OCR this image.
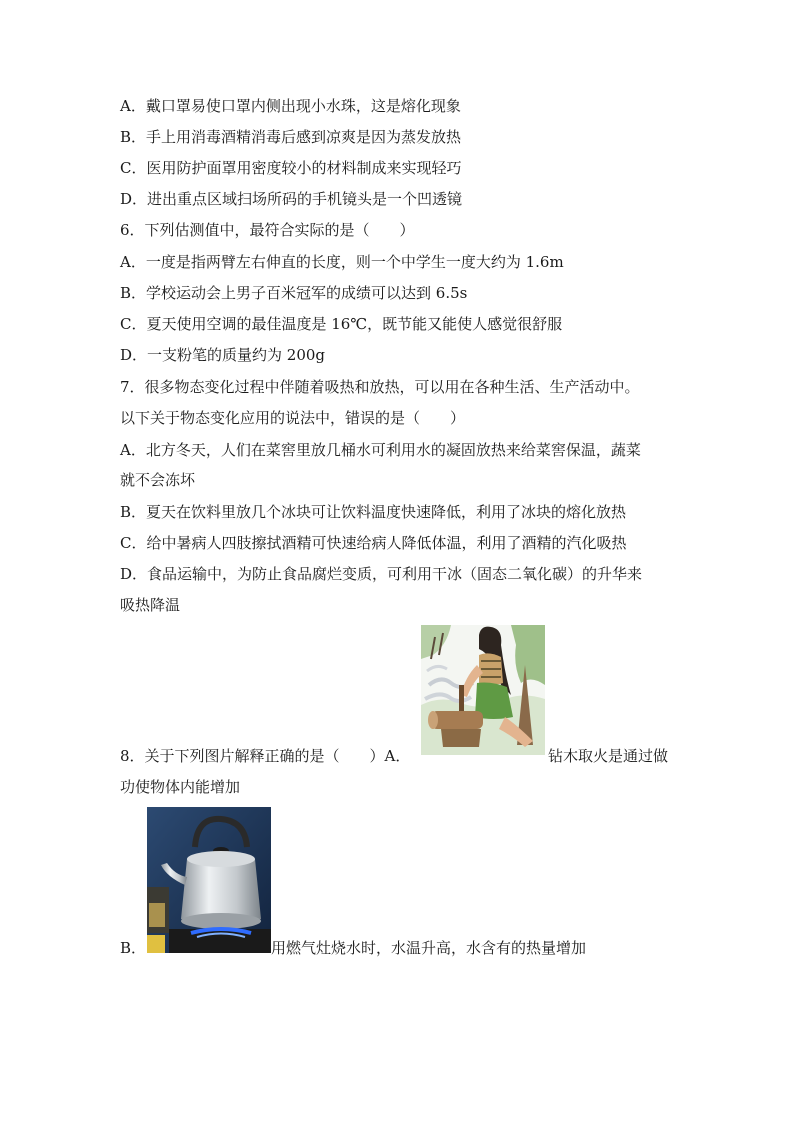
A．戴口罩易使口罩内侧出现小水珠，这是熔化现象
B．手上用消毒酒精消毒后感到凉爽是因为蒸发放热
C．医用防护面罩用密度较小的材料制成来实现轻巧
D．进出重点区域扫场所码的手机镜头是一个凹透镜
6．下列估测值中，最符合实际的是（　　）
A．一度是指两臂左右伸直的长度，则一个中学生一度大约为 1.6m
B．学校运动会上男子百米冠军的成绩可以达到 6.5s
C．夏天使用空调的最佳温度是 16℃，既节能又能使人感觉很舒服
D．一支粉笔的质量约为 200g
7．很多物态变化过程中伴随着吸热和放热，可以用在各种生活、生产活动中。
以下关于物态变化应用的说法中，错误的是（　　）
A．北方冬天，人们在菜窖里放几桶水可利用水的凝固放热来给菜窖保温，蔬菜
就不会冻坏
B．夏天在饮料里放几个冰块可让饮料温度快速降低，利用了冰块的熔化放热
C．给中暑病人四肢擦拭酒精可快速给病人降低体温，利用了酒精的汽化吸热
D．食品运输中，为防止食品腐烂变质，可利用干冰（固态二氧化碳）的升华来
吸热降温
8．关于下列图片解释正确的是（　　）A．	钻木取火是通过做
功使物体内能增加
B．	用燃气灶烧水时，水温升高，水含有的热量增加
